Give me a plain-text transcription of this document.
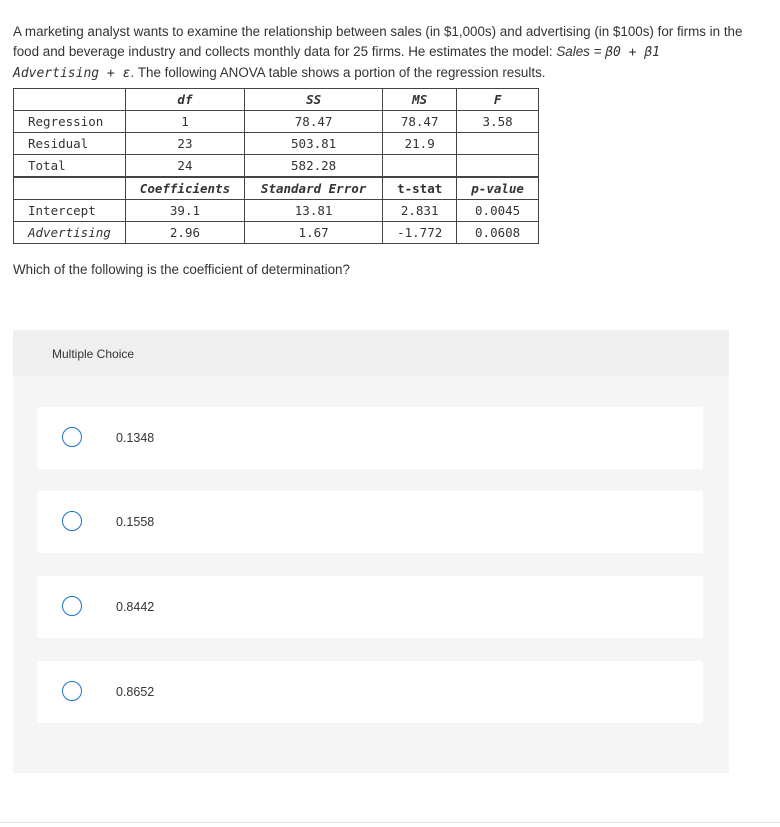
A marketing analyst wants to examine the relationship between sales (in $1,000s) and advertising (in $100s) for firms in the food and beverage industry and collects monthly data for 25 firms. He estimates the model: Sales = β0 + β1 Advertising + ε. The following ANOVA table shows a portion of the regression results.
	df	SS	MS	F
Regression	1	78.47	78.47	3.58
Residual	23	503.81	21.9	
Total	24	582.28		
	Coefficients	Standard Error	t-stat	p-value
Intercept	39.1	13.81	2.831	0.0045
Advertising	2.96	1.67	-1.772	0.0608
Which of the following is the coefficient of determination?
Multiple Choice
0.1348
0.1558
0.8442
0.8652
